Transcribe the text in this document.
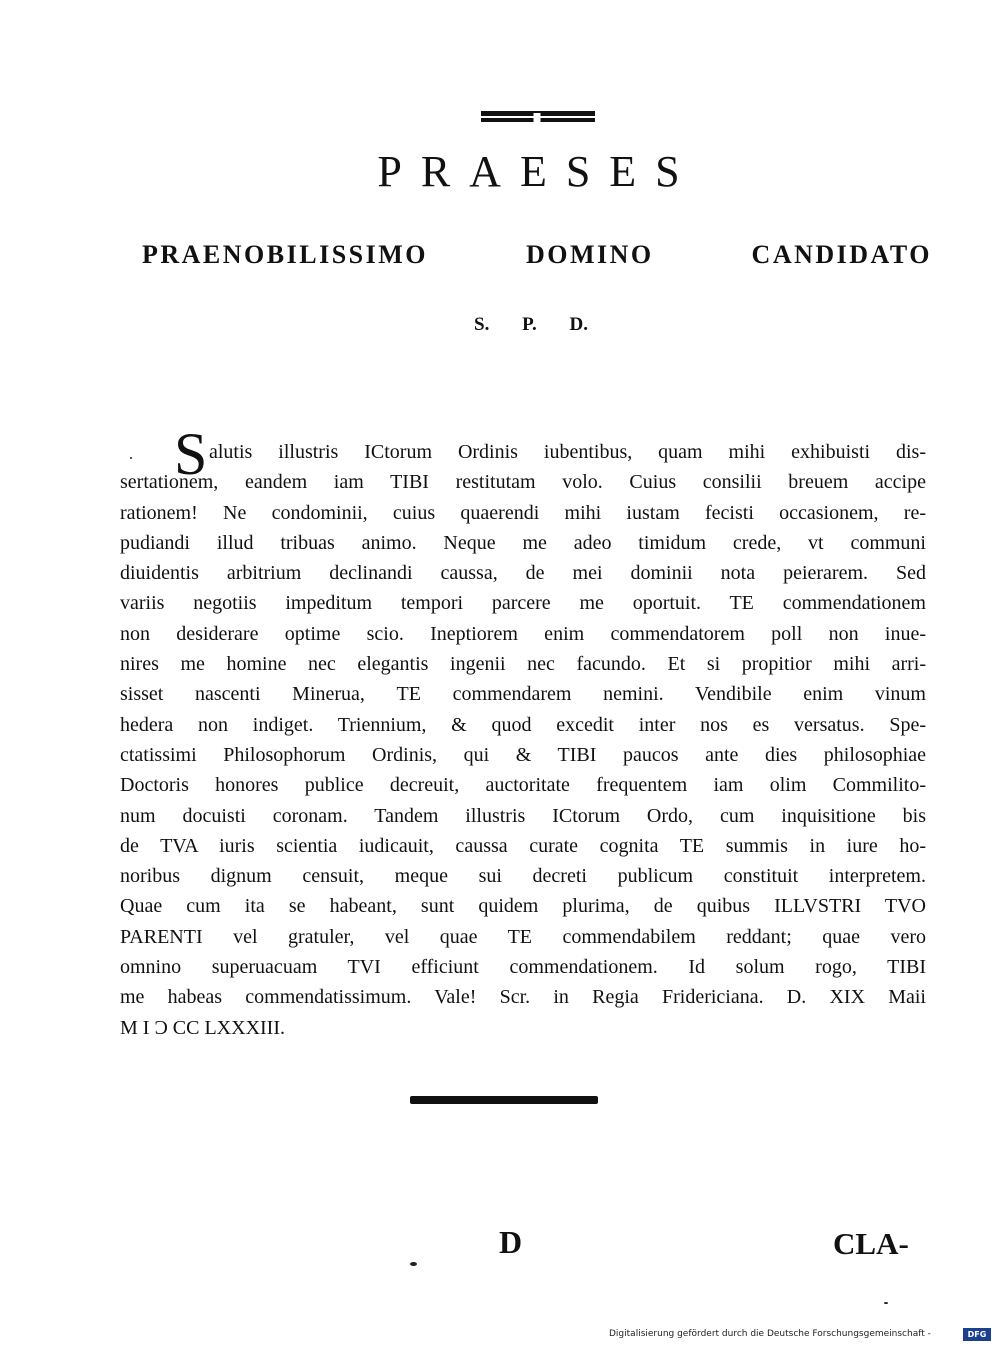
PRAESES
PRAENOBILISSIMO	DOMINO	CANDIDATO
S. P. D.
S alutis illustris ICtorum Ordinis iubentibus, quam mihi exhibuisti dis-
sertationem, eandem iam TIBI restitutam volo. Cuius consilii breuem accipe
rationem! Ne condominii, cuius quaerendi mihi iustam fecisti occasionem, re-
pudiandi illud tribuas animo. Neque me adeo timidum crede, vt communi
diuidentis arbitrium declinandi caussa, de mei dominii nota peierarem. Sed
variis negotiis impeditum tempori parcere me oportuit. TE commendationem
non desiderare optime scio. Ineptiorem enim commendatorem poll non inue-
nires me homine nec elegantis ingenii nec facundo. Et si propitior mihi arri-
sisset nascenti Mineruа, TE commendarem nemini. Vendibile enim vinum
hedera non indiget. Triennium, & quod excedit inter nos es versatus. Spe-
ctatissimi Philosophorum Ordinis, qui & TIBI paucos ante dies philosophiae
Doctoris honores publice decreuit, auctoritate frequentem iam olim Commilito-
num docuisti coronam. Tandem illustris ICtorum Ordo, cum inquisitione bis
de TVA iuris scientia iudicauit, caussa curate cognita TE summis in iure ho-
noribus dignum censuit, meque sui decreti publicum constituit interpretem.
Quae cum ita se habeant, sunt quidem plurima, de quibus ILLVSTRI TVO
PARENTI vel gratuler, vel quae TE commendabilem reddant; quae vero
omnino superuacuam TVI efficiunt commendationem. Id solum rogo, TIBI
me habeas commendatissimum. Vale! Scr. in Regia Fridericiana. D. XIX Maii
M I Ɔ CC LXXXIII.
D	CLA-
Digitalisierung gefördert durch die Deutsche Forschungsgemeinschaft -	DFG
